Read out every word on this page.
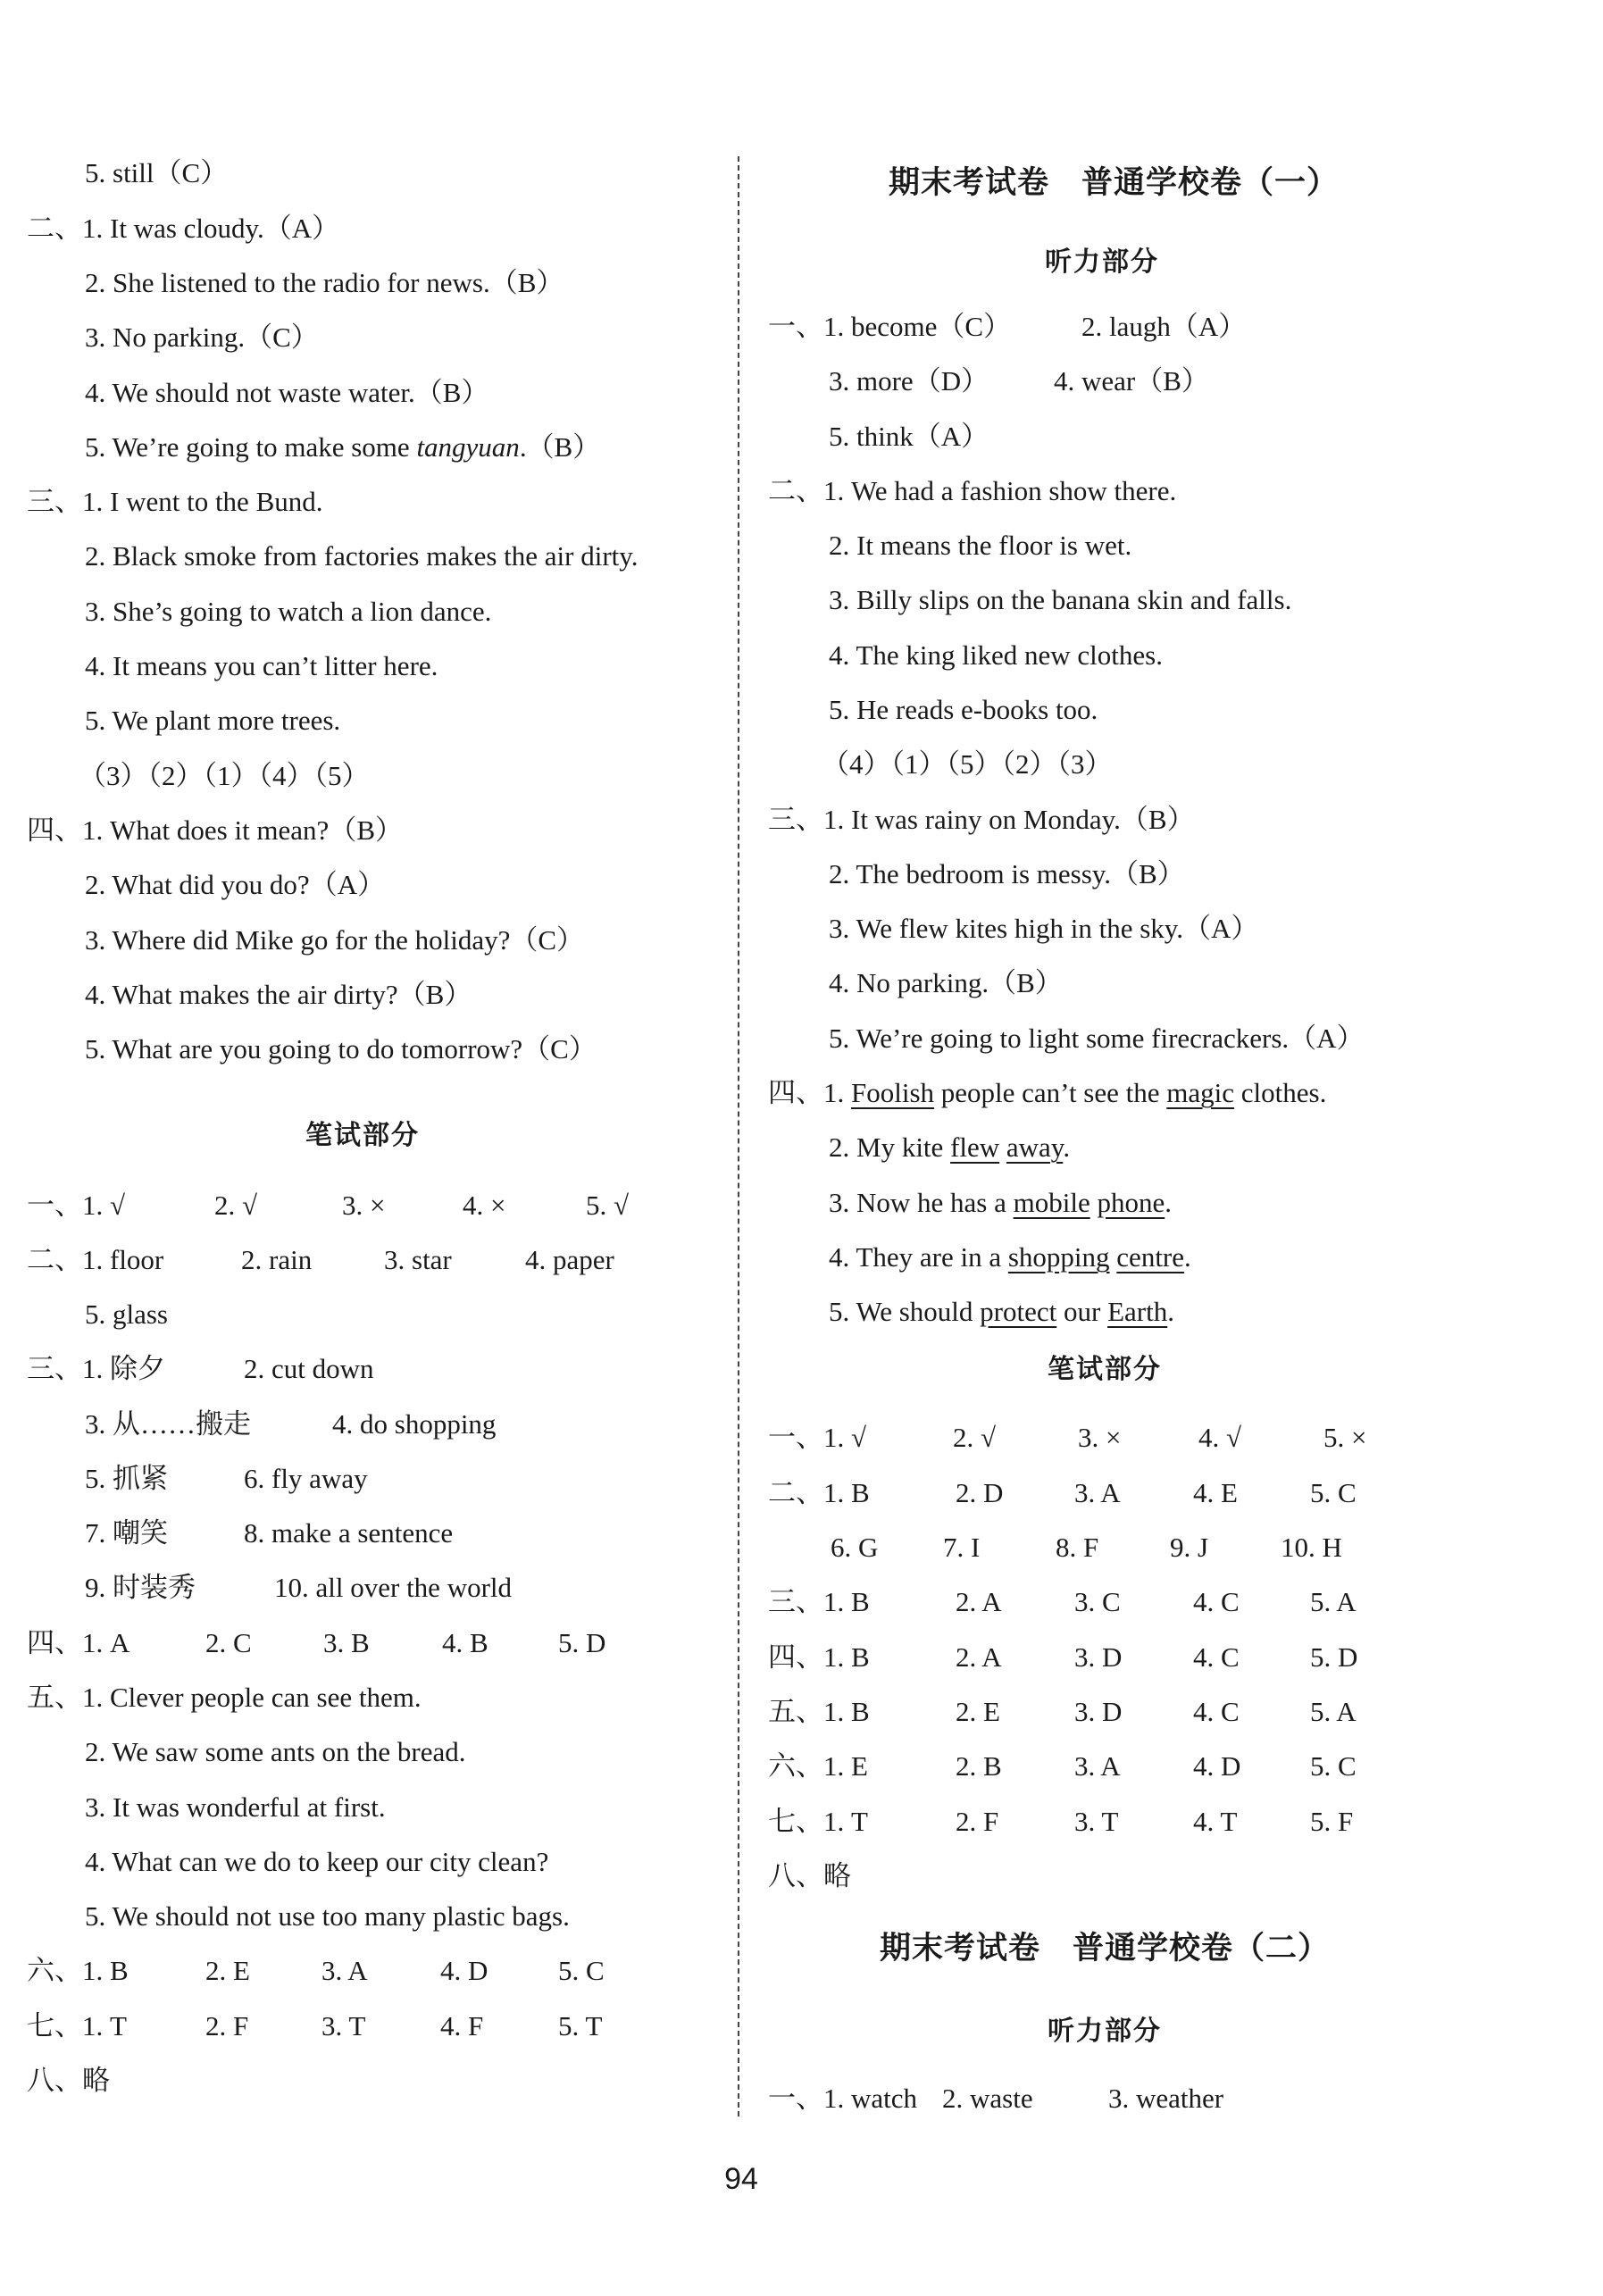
5. still（C）
二、1. It was cloudy.（A）
2. She listened to the radio for news.（B）
3. No parking.（C）
4. We should not waste water.（B）
5. We’re going to make some tangyuan.（B）
三、1. I went to the Bund.
2. Black smoke from factories makes the air dirty.
3. She’s going to watch a lion dance.
4. It means you can’t litter here.
5. We plant more trees.
（3）（2）（1）（4）（5）
四、1. What does it mean?（B）
2. What did you do?（A）
3. Where did Mike go for the holiday?（C）
4. What makes the air dirty?（B）
5. What are you going to do tomorrow?（C）
笔试部分
一、1. √	2. √	3. ×	4. ×	5. √
二、1. floor	2. rain	3. star	4. paper
5. glass
三、1. 除夕	2. cut down
3. 从……搬走	4. do shopping
5. 抓紧	6. fly away
7. 嘲笑	8. make a sentence
9. 时装秀	10. all over the world
四、1. A	2. C	3. B	4. B	5. D
五、1. Clever people can see them.
2. We saw some ants on the bread.
3. It was wonderful at first.
4. What can we do to keep our city clean?
5. We should not use too many plastic bags.
六、1. B	2. E	3. A	4. D	5. C
七、1. T	2. F	3. T	4. F	5. T
八、略
期末考试卷　普通学校卷（一）
听力部分
一、1. become（C）	2. laugh（A）
3. more（D） 4. wear（B）
5. think（A）
二、1. We had a fashion show there.
2. It means the floor is wet.
3. Billy slips on the banana skin and falls.
4. The king liked new clothes.
5. He reads e-books too.
（4）（1）（5）（2）（3）
三、1. It was rainy on Monday.（B）
2. The bedroom is messy.（B）
3. We flew kites high in the sky.（A）
4. No parking.（B）
5. We’re going to light some firecrackers.（A）
四、1. Foolish people can’t see the magic clothes.
2. My kite flew away.
3. Now he has a mobile phone.
4. They are in a shopping centre.
5. We should protect our Earth.
笔试部分
一、1. √	2. √	3. ×	4. √	5. ×
二、1. B	2. D	3. A	4. E	5. C
6. G 7. I	8. F	9. J	10. H
三、1. B	2. A	3. C	4. C	5. A
四、1. B	2. A	3. D	4. C	5. D
五、1. B	2. E	3. D	4. C	5. A
六、1. E	2. B	3. A	4. D	5. C
七、1. T	2. F	3. T	4. T	5. F
八、略
期末考试卷　普通学校卷（二）
听力部分
一、1. watch 2. waste	3. weather
94
